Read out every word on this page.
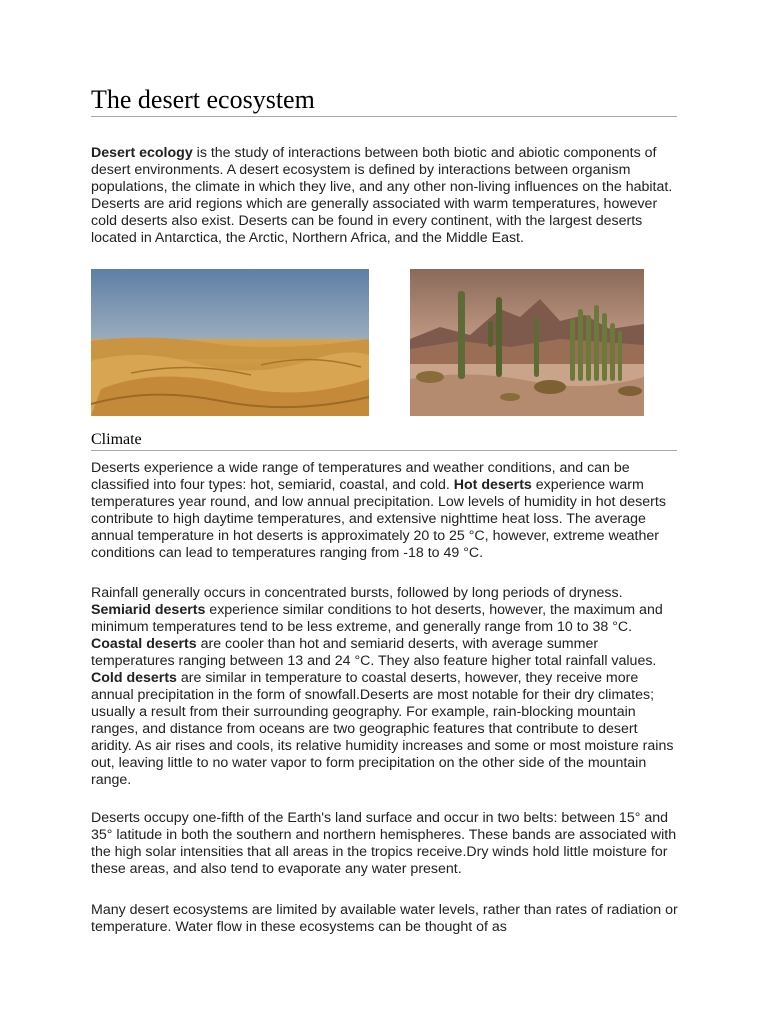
The desert ecosystem

Desert ecology is the study of interactions between both biotic and abiotic components of desert environments. A desert ecosystem is defined by interactions between organism populations, the climate in which they live, and any other non-living influences on the habitat. Deserts are arid regions which are generally associated with warm temperatures, however cold deserts also exist. Deserts can be found in every continent, with the largest deserts located in Antarctica, the Arctic, Northern Africa, and the Middle East.

Climate

Deserts experience a wide range of temperatures and weather conditions, and can be classified into four types: hot, semiarid, coastal, and cold. Hot deserts experience warm temperatures year round, and low annual precipitation. Low levels of humidity in hot deserts contribute to high daytime temperatures, and extensive nighttime heat loss. The average annual temperature in hot deserts is approximately 20 to 25 °C, however, extreme weather conditions can lead to temperatures ranging from -18 to 49 °C.

Rainfall generally occurs in concentrated bursts, followed by long periods of dryness. Semiarid deserts experience similar conditions to hot deserts, however, the maximum and minimum temperatures tend to be less extreme, and generally range from 10 to 38 °C. Coastal deserts are cooler than hot and semiarid deserts, with average summer temperatures ranging between 13 and 24 °C. They also feature higher total rainfall values. Cold deserts are similar in temperature to coastal deserts, however, they receive more annual precipitation in the form of snowfall.Deserts are most notable for their dry climates; usually a result from their surrounding geography. For example, rain-blocking mountain ranges, and distance from oceans are two geographic features that contribute to desert aridity. As air rises and cools, its relative humidity increases and some or most moisture rains out, leaving little to no water vapor to form precipitation on the other side of the mountain range.

Deserts occupy one-fifth of the Earth's land surface and occur in two belts: between 15° and 35° latitude in both the southern and northern hemispheres. These bands are associated with the high solar intensities that all areas in the tropics receive.Dry winds hold little moisture for these areas, and also tend to evaporate any water present.

Many desert ecosystems are limited by available water levels, rather than rates of radiation or temperature. Water flow in these ecosystems can be thought of as
